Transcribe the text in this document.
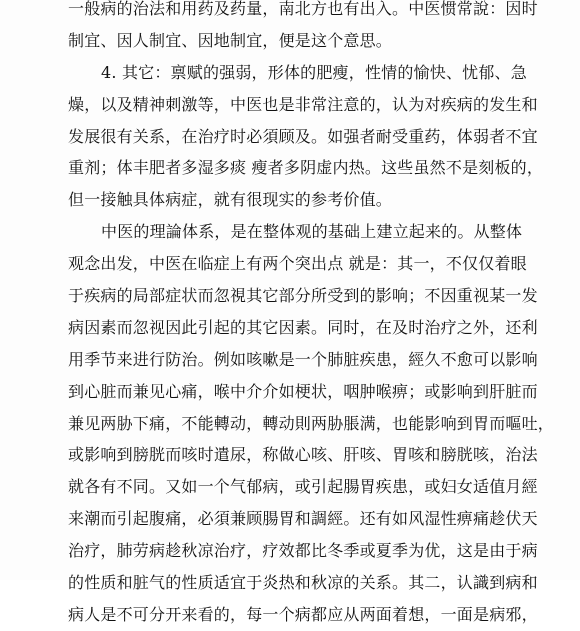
一般病的治法和用药及药量，南北方也有出入。中医惯常說：因时
制宜、因人制宜、因地制宜，便是这个意思。
4. 其它：禀赋的强弱，形体的肥瘦，性情的愉快、忧郁、急
燥，以及精神刺激等，中医也是非常注意的，认为对疾病的发生和
发展很有关系，在治疗时必須顾及。如强者耐受重药，体弱者不宜
重剂；体丰肥者多湿多痰 瘦者多阴虚内热。这些虽然不是刻板的，
但一接触具体病症，就有很现实的参考价值。
中医的理論体系，是在整体观的基础上建立起来的。从整体
观念出发，中医在临症上有两个突出点 就是：其一，不仅仅着眼
于疾病的局部症状而忽視其它部分所受到的影响；不因重视某一发
病因素而忽视因此引起的其它因素。同时，在及时治疗之外，还利
用季节来进行防治。例如咳嗽是一个肺脏疾患，經久不愈可以影响
到心脏而兼见心痛，喉中介介如梗状，咽肿喉痹；或影响到肝脏而
兼见两胁下痛，不能轉动，轉动則两胁脹满，也能影响到胃而嘔吐，
或影响到膀胱而咳时遣尿，称做心咳、肝咳、胃咳和膀胱咳，治法
就各有不同。又如一个气郁病，或引起腸胃疾患，或妇女适值月經
来潮而引起腹痛，必須兼顾腸胃和調經。还有如风湿性痹痛趁伏天
治疗，肺劳病趁秋凉治疗，疗效都比冬季或夏季为优，这是由于病
的性质和脏气的性质适宜于炎热和秋凉的关系。其二，认識到病和
病人是不可分开来看的，每一个病都应从两面着想，一面是病邪，
